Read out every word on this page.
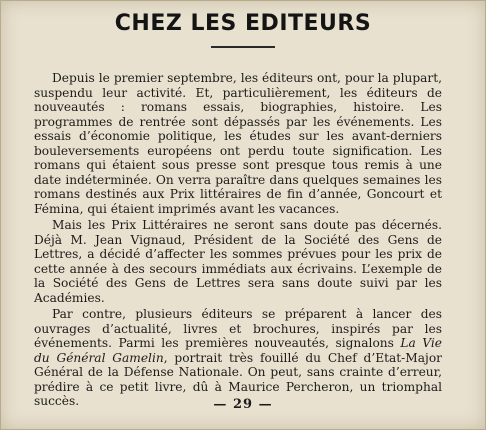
CHEZ LES EDITEURS

Depuis le premier septembre, les éditeurs ont, pour la plupart, suspendu leur activité. Et, particulièrement, les éditeurs de nouveautés : romans essais, biographies, histoire. Les programmes de rentrée sont dépassés par les événements. Les essais d’économie politique, les études sur les avant-derniers bouleversements européens ont perdu toute signification. Les romans qui étaient sous presse sont presque tous remis à une date indéterminée. On verra paraître dans quelques semaines les romans destinés aux Prix littéraires de fin d’année, Goncourt et Fémina, qui étaient imprimés avant les vacances.

Mais les Prix Littéraires ne seront sans doute pas décernés. Déjà M. Jean Vignaud, Président de la Société des Gens de Lettres, a décidé d’affecter les sommes prévues pour les prix de cette année à des secours immédiats aux écrivains. L’exemple de la Société des Gens de Lettres sera sans doute suivi par les Académies.

Par contre, plusieurs éditeurs se préparent à lancer des ouvrages d’actualité, livres et brochures, inspirés par les événements. Parmi les premières nouveautés, signalons La Vie du Général Gamelin, portrait très fouillé du Chef d’Etat-Major Général de la Défense Nationale. On peut, sans crainte d’erreur, prédire à ce petit livre, dû à Maurice Percheron, un triomphal succès.	— 29 —
